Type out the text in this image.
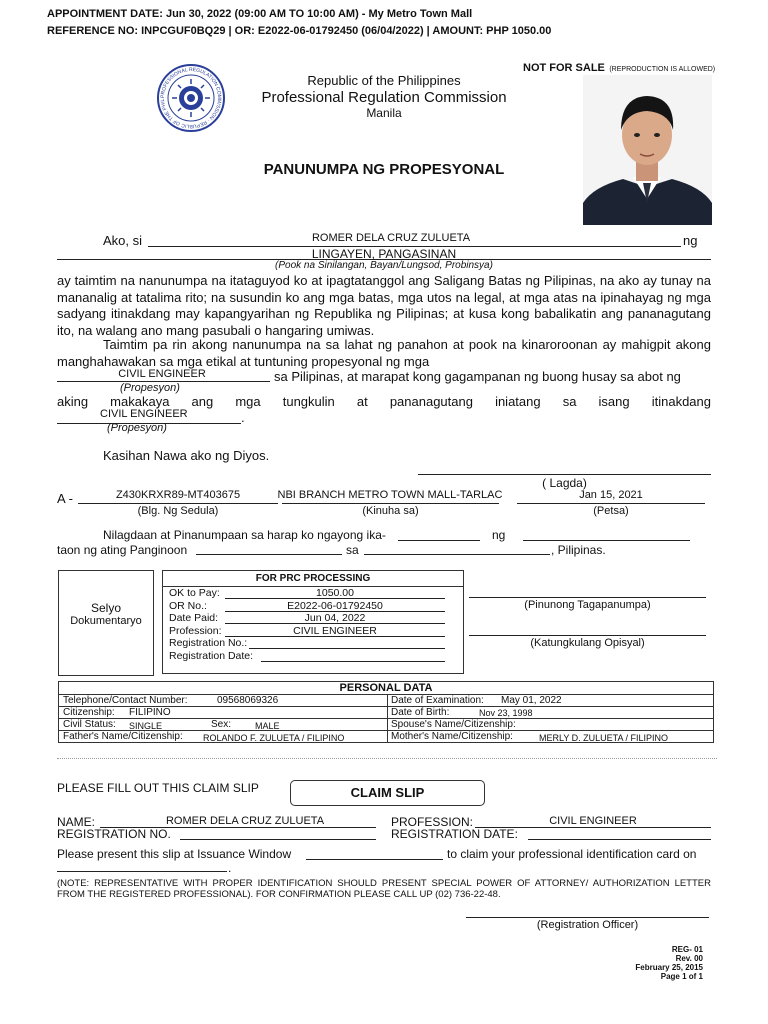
APPOINTMENT DATE: Jun 30, 2022 (09:00 AM TO 10:00 AM) - My Metro Town Mall
REFERENCE NO: INPCGUF0BQ29 | OR: E2022-06-01792450 (06/04/2022) | AMOUNT: PHP 1050.00
NOT FOR SALE (REPRODUCTION IS ALLOWED)
PROFESSIONAL REGULATION COMMISSION · REPUBLIC OF THE PHIL
Republic of the Philippines
Professional Regulation Commission
Manila
PANUNUMPA NG PROPESYONAL
Ako, si	ROMER DELA CRUZ ZULUETA	ng
LINGAYEN, PANGASINAN
(Pook na Sinilangan, Bayan/Lungsod, Probinsya)
ay taimtim na nanunumpa na itataguyod ko at ipagtatanggol ang Saligang Batas ng Pilipinas, na ako ay tunay na mananalig at tatalima rito; na susundin ko ang mga batas, mga utos na legal, at mga atas na ipinahayag ng mga sadyang itinakdang may kapangyarihan ng Republika ng Pilipinas; at kusa kong babalikatin ang pananagutang ito, na walang ano mang pasubali o hangaring umiwas.
Taimtim pa rin akong nanunumpa na sa lahat ng panahon at pook na kinaroroonan ay mahigpit akong manghahawakan sa mga etikal at tuntuning propesyonal ng mga
CIVIL ENGINEER	sa Pilipinas, at marapat kong gagampanan ng buong husay sa abot ng
(Propesyon)
aking makakaya ang mga tungkulin at pananagutang iniatang sa isang itinakdang
CIVIL ENGINEER	.
(Propesyon)
Kasihan Nawa ako ng Diyos.
( Lagda)
A -	Z430KRXR89-MT403675
(Blg. Ng Sedula)
NBI BRANCH METRO TOWN MALL-TARLAC
(Kinuha sa)
Jan 15, 2021
(Petsa)
Nilagdaan at Pinanumpaan sa harap ko ngayong ika-	ng
taon ng ating Panginoon	sa	, Pilipinas.
Selyo
Dokumentaryo
FOR PRC PROCESSING
OK to Pay:	1050.00
OR No.:	E2022-06-01792450
Date Paid:	Jun 04, 2022
Profession:	CIVIL ENGINEER
Registration No.:
Registration Date:
(Pinunong Tagapanumpa)
(Katungkulang Opisyal)
PERSONAL DATA
Telephone/Contact Number:	09568069326	Date of Examination: May 01, 2022
Citizenship: FILIPINO	Date of Birth:	Nov 23, 1998
Civil Status: SINGLE	Sex:	MALE	Spouse's Name/Citizenship:
Father's Name/Citizenship: ROLANDO F. ZULUETA / FILIPINO	Mother's Name/Citizenship:	MERLY D. ZULUETA / FILIPINO
PLEASE FILL OUT THIS CLAIM SLIP	CLAIM SLIP
NAME:	ROMER DELA CRUZ ZULUETA	PROFESSION:	CIVIL ENGINEER
REGISTRATION NO.	REGISTRATION DATE:
Please present this slip at Issuance Window	to claim your professional identification card on
.
(NOTE: REPRESENTATIVE WITH PROPER IDENTIFICATION SHOULD PRESENT SPECIAL POWER OF ATTORNEY/ AUTHORIZATION LETTER FROM THE REGISTERED PROFESSIONAL). FOR CONFIRMATION PLEASE CALL UP (02) 736-22-48.
(Registration Officer)
REG- 01
Rev. 00
February 25, 2015
Page 1 of 1
